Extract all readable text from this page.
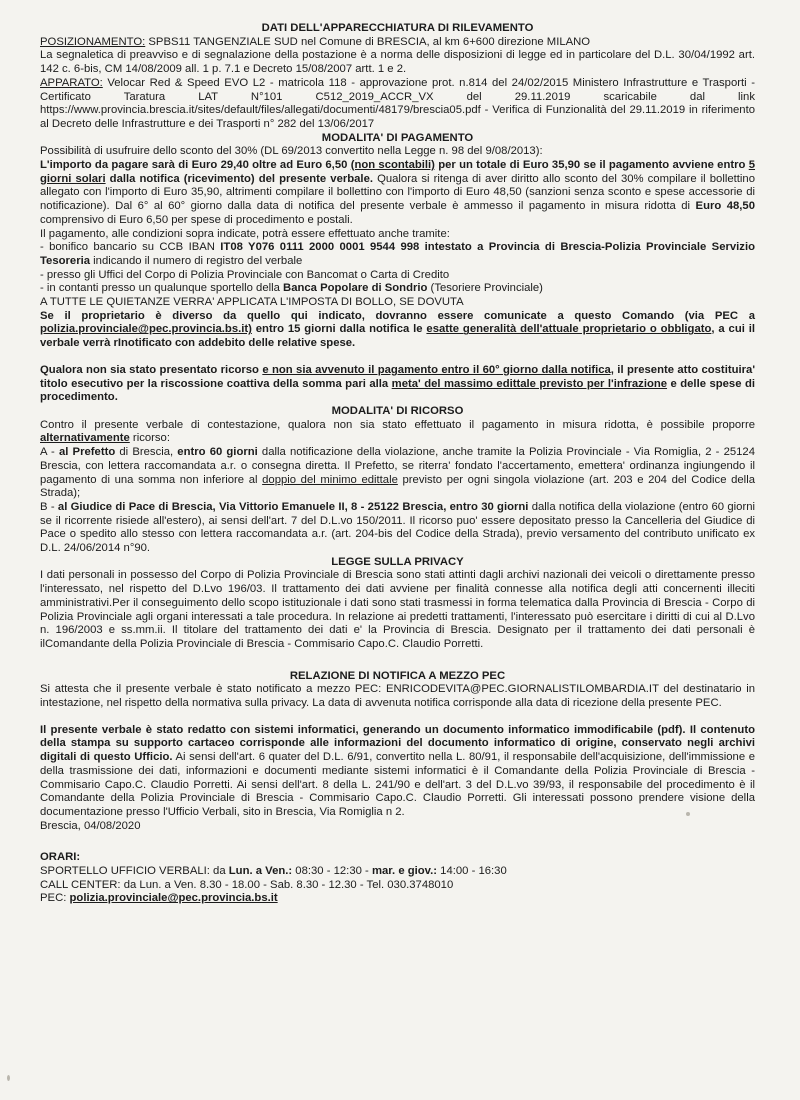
DATI DELL'APPARECCHIATURA DI RILEVAMENTO

POSIZIONAMENTO: SPBS11 TANGENZIALE SUD nel Comune di BRESCIA, al km 6+600 direzione MILANO

La segnaletica di preavviso e di segnalazione della postazione è a norma delle disposizioni di legge ed in particolare del D.L. 30/04/1992 art. 142 c. 6-bis, CM 14/08/2009 all. 1 p. 7.1 e Decreto 15/08/2007 artt. 1 e 2.

APPARATO: Velocar Red & Speed EVO L2 - matricola 118 - approvazione prot. n.814 del 24/02/2015 Ministero Infrastrutture e Trasporti - Certificato Taratura LAT N°101 C512_2019_ACCR_VX del 29.11.2019 scaricabile dal link https://www.provincia.brescia.it/sites/default/files/allegati/documenti/48179/brescia05.pdf - Verifica di Funzionalità del 29.11.2019 in riferimento al Decreto delle Infrastrutture e dei Trasporti n° 282 del 13/06/2017

MODALITA' DI PAGAMENTO

Possibilità di usufruire dello sconto del 30% (DL 69/2013 convertito nella Legge n. 98 del 9/08/2013):

L'importo da pagare sarà di Euro 29,40 oltre ad Euro 6,50 (non scontabili) per un totale di Euro 35,90 se il pagamento avviene entro 5 giorni solari dalla notifica (ricevimento) del presente verbale. Qualora si ritenga di aver diritto allo sconto del 30% compilare il bollettino allegato con l'importo di Euro 35,90, altrimenti compilare il bollettino con l'importo di Euro 48,50 (sanzioni senza sconto e spese accessorie di notificazione). Dal 6° al 60° giorno dalla data di notifica del presente verbale è ammesso il pagamento in misura ridotta di Euro 48,50 comprensivo di Euro 6,50 per spese di procedimento e postali.

Il pagamento, alle condizioni sopra indicate, potrà essere effettuato anche tramite:

- bonifico bancario su CCB IBAN IT08 Y076 0111 2000 0001 9544 998 intestato a Provincia di Brescia-Polizia Provinciale Servizio Tesoreria indicando il numero di registro del verbale

- presso gli Uffici del Corpo di Polizia Provinciale con Bancomat o Carta di Credito

- in contanti presso un qualunque sportello della Banca Popolare di Sondrio (Tesoriere Provinciale)

A TUTTE LE QUIETANZE VERRA' APPLICATA L'IMPOSTA DI BOLLO, SE DOVUTA

Se il proprietario è diverso da quello qui indicato, dovranno essere comunicate a questo Comando (via PEC a polizia.provinciale@pec.provincia.bs.it) entro 15 giorni dalla notifica le esatte generalità dell'attuale proprietario o obbligato, a cui il verbale verrà rInotificato con addebito delle relative spese.

Qualora non sia stato presentato ricorso e non sia avvenuto il pagamento entro il 60° giorno dalla notifica, il presente atto costituira' titolo esecutivo per la riscossione coattiva della somma pari alla meta' del massimo edittale previsto per l'infrazione e delle spese di procedimento.

MODALITA' DI RICORSO

Contro il presente verbale di contestazione, qualora non sia stato effettuato il pagamento in misura ridotta, è possibile proporre alternativamente ricorso:

A - al Prefetto di Brescia, entro 60 giorni dalla notificazione della violazione, anche tramite la Polizia Provinciale - Via Romiglia, 2 - 25124 Brescia, con lettera raccomandata a.r. o consegna diretta. Il Prefetto, se riterra' fondato l'accertamento, emettera' ordinanza ingiungendo il pagamento di una somma non inferiore al doppio del minimo edittale previsto per ogni singola violazione (art. 203 e 204 del Codice della Strada);

B - al Giudice di Pace di Brescia, Via Vittorio Emanuele II, 8 - 25122 Brescia, entro 30 giorni dalla notifica della violazione (entro 60 giorni se il ricorrente risiede all'estero), ai sensi dell'art. 7 del D.L.vo 150/2011. Il ricorso puo' essere depositato presso la Cancelleria del Giudice di Pace o spedito allo stesso con lettera raccomandata a.r. (art. 204-bis del Codice della Strada), previo versamento del contributo unificato ex D.L. 24/06/2014 n°90.

LEGGE SULLA PRIVACY

I dati personali in possesso del Corpo di Polizia Provinciale di Brescia sono stati attinti dagli archivi nazionali dei veicoli o direttamente presso l'interessato, nel rispetto del D.Lvo 196/03. Il trattamento dei dati avviene per finalità connesse alla notifica degli atti concernenti illeciti amministrativi.Per il conseguimento dello scopo istituzionale i dati sono stati trasmessi in forma telematica dalla Provincia di Brescia - Corpo di Polizia Provinciale agli organi interessati a tale procedura. In relazione ai predetti trattamenti, l'interessato può esercitare i diritti di cui al D.Lvo n. 196/2003 e ss.mm.ii. Il titolare del trattamento dei dati e' la Provincia di Brescia. Designato per il trattamento dei dati personali è ilComandante della Polizia Provinciale di Brescia - Commisario Capo.C. Claudio Porretti.

RELAZIONE DI NOTIFICA A MEZZO PEC

Si attesta che il presente verbale è stato notificato a mezzo PEC: ENRICODEVITA@PEC.GIORNALISTILOMBARDIA.IT del destinatario in intestazione, nel rispetto della normativa sulla privacy. La data di avvenuta notifica corrisponde alla data di ricezione della presente PEC.

Il presente verbale è stato redatto con sistemi informatici, generando un documento informatico immodificabile (pdf). Il contenuto della stampa su supporto cartaceo corrisponde alle informazioni del documento informatico di origine, conservato negli archivi digitali di questo Ufficio. Ai sensi dell'art. 6 quater del D.L. 6/91, convertito nella L. 80/91, il responsabile dell'acquisizione, dell'immissione e della trasmissione dei dati, informazioni e documenti mediante sistemi informatici è il Comandante della Polizia Provinciale di Brescia - Commisario Capo.C. Claudio Porretti. Ai sensi dell'art. 8 della L. 241/90 e dell'art. 3 del D.L.vo 39/93, il responsabile del procedimento è il Comandante della Polizia Provinciale di Brescia - Commisario Capo.C. Claudio Porretti. Gli interessati possono prendere visione della documentazione presso l'Ufficio Verbali, sito in Brescia, Via Romiglia n 2.

Brescia, 04/08/2020

ORARI:

SPORTELLO UFFICIO VERBALI: da Lun. a Ven.: 08:30 - 12:30 - mar. e giov.: 14:00 - 16:30

CALL CENTER: da Lun. a Ven. 8.30 - 18.00 - Sab. 8.30 - 12.30 - Tel. 030.3748010

PEC: polizia.provinciale@pec.provincia.bs.it
